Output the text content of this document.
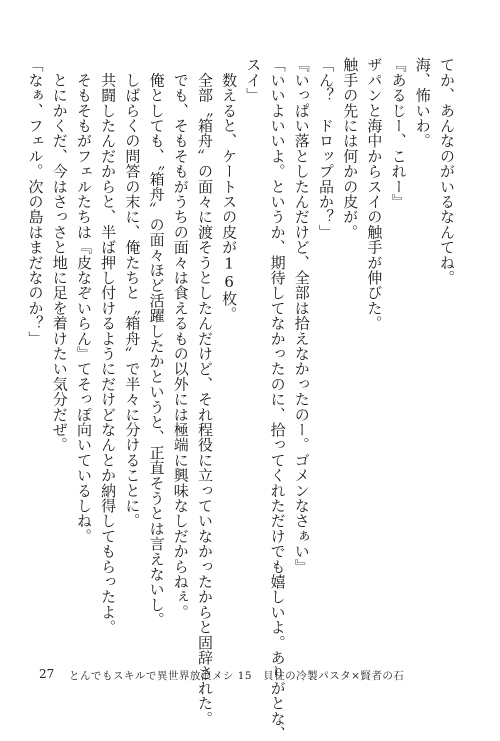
てか、あんなのがいるなんてね。
海、怖いわ。
『あるじー、これー』
ザパンと海中からスイの触手が伸びた。
触手の先には何かの皮が。
「ん？　ドロップ品か？」
『いっぱい落としたんだけど、全部は拾えなかったのー。ゴメンなさぁい』
「いいよいいよ。というか、期待してなかったのに、拾ってくれただけでも嬉しいよ。ありがとな、
スイ」
　数えると、ケートスの皮が16枚。
　全部〝箱舟〟の面々に渡そうとしたんだけど、それ程役に立っていなかったからと固辞された。
　でも、そもそもがうちの面々は食えるもの以外には極端に興味なしだからねぇ。
　俺としても、〝箱舟〟の面々ほど活躍したかというと、正直そうとは言えないし。
　しばらくの問答の末に、俺たちと〝箱舟〟で半々に分けることに。
　共闘したんだからと、半ば押し付けるようにだけどなんとか納得してもらったよ。
　そもそもがフェルたちは『皮なぞいらん』てそっぽ向いているしね。
　とにかくだ、今はさっさと地に足を着けたい気分だぜ。
「なぁ、フェル。次の島はまだなのか？」
27 とんでもスキルで異世界放浪メシ 15　貝柱の冷製パスタ×賢者の石
